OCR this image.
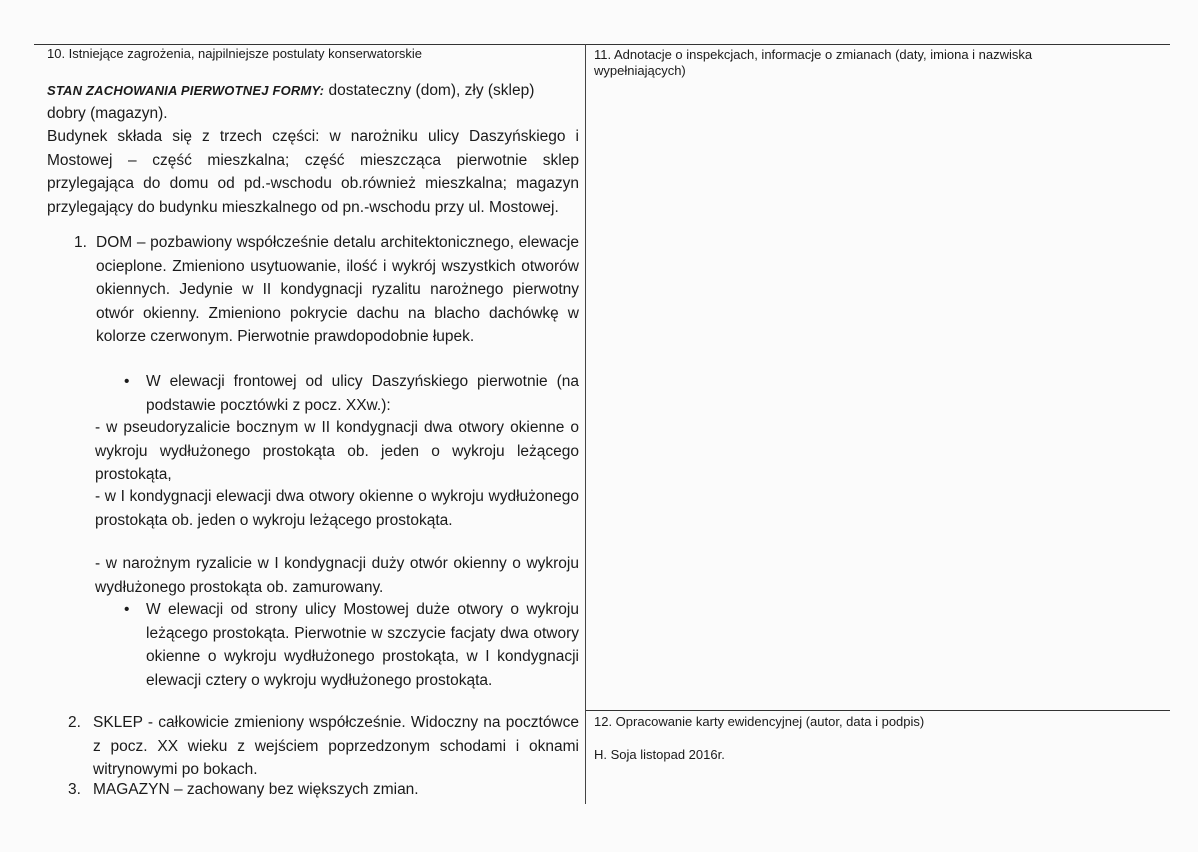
10. Istniejące zagrożenia, najpilniejsze postulaty konserwatorskie
STAN ZACHOWANIA PIERWOTNEJ FORMY: dostateczny (dom), zły (sklep)
dobry (magazyn).
Budynek składa się z trzech części: w narożniku ulicy Daszyńskiego i Mostowej – część mieszkalna; część mieszcząca pierwotnie sklep przylegająca do domu od pd.-wschodu ob.również mieszkalna; magazyn przylegający do budynku mieszkalnego od pn.-wschodu przy ul. Mostowej.
1. DOM – pozbawiony współcześnie detalu architektonicznego, elewacje ocieplone. Zmieniono usytuowanie, ilość i wykrój wszystkich otworów okiennych. Jedynie w II kondygnacji ryzalitu narożnego pierwotny otwór okienny. Zmieniono pokrycie dachu na blacho dachówkę w kolorze czerwonym. Pierwotnie prawdopodobnie łupek.
• W elewacji frontowej od ulicy Daszyńskiego pierwotnie (na podstawie pocztówki z pocz. XXw.):
- w pseudoryzalicie bocznym w II kondygnacji dwa otwory okienne o wykroju wydłużonego prostokąta ob. jeden o wykroju leżącego prostokąta,
- w I kondygnacji elewacji dwa otwory okienne o wykroju wydłużonego prostokąta ob. jeden o wykroju leżącego prostokąta.
- w narożnym ryzalicie w I kondygnacji duży otwór okienny o wykroju wydłużonego prostokąta ob. zamurowany.
• W elewacji od strony ulicy Mostowej duże otwory o wykroju leżącego prostokąta. Pierwotnie w szczycie facjaty dwa otwory okienne o wykroju wydłużonego prostokąta, w I kondygnacji elewacji cztery o wykroju wydłużonego prostokąta.
2. SKLEP - całkowicie zmieniony współcześnie. Widoczny na pocztówce z pocz. XX wieku z wejściem poprzedzonym schodami i oknami witrynowymi po bokach.
3. MAGAZYN – zachowany bez większych zmian.
11. Adnotacje o inspekcjach, informacje o zmianach (daty, imiona i nazwiska wypełniających)
12. Opracowanie karty ewidencyjnej (autor, data i podpis)
H. Soja listopad 2016r.
